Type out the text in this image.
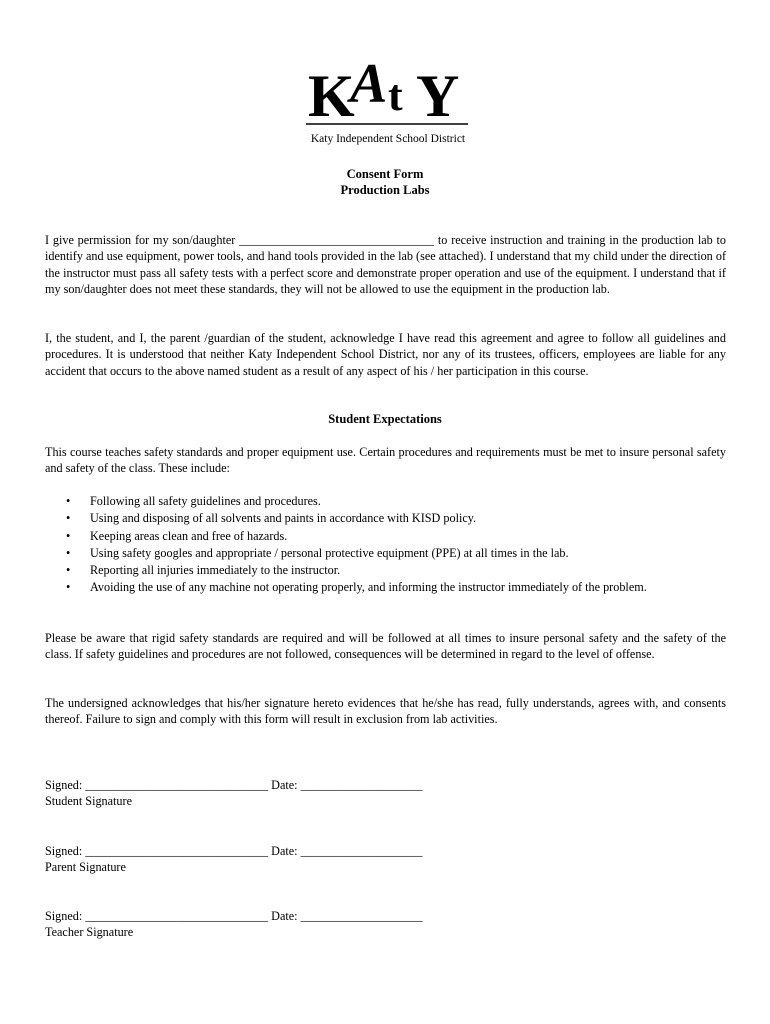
K
A t Y
Katy Independent School District
Consent Form
Production Labs
I give permission for my son/daughter ________________________________ to receive instruction and training in the production lab to identify and use equipment, power tools, and hand tools provided in the lab (see attached). I understand that my child under the direction of the instructor must pass all safety tests with a perfect score and demonstrate proper operation and use of the equipment. I understand that if my son/daughter does not meet these standards, they will not be allowed to use the equipment in the production lab.
I, the student, and I, the parent /guardian of the student, acknowledge I have read this agreement and agree to follow all guidelines and procedures. It is understood that neither Katy Independent School District, nor any of its trustees, officers, employees are liable for any accident that occurs to the above named student as a result of any aspect of his / her participation in this course.
Student Expectations
This course teaches safety standards and proper equipment use. Certain procedures and requirements must be met to insure personal safety and safety of the class. These include:
• Following all safety guidelines and procedures.
• Using and disposing of all solvents and paints in accordance with KISD policy.
• Keeping areas clean and free of hazards.
• Using safety googles and appropriate / personal protective equipment (PPE) at all times in the lab.
• Reporting all injuries immediately to the instructor.
• Avoiding the use of any machine not operating properly, and informing the instructor immediately of the problem.
Please be aware that rigid safety standards are required and will be followed at all times to insure personal safety and the safety of the class. If safety guidelines and procedures are not followed, consequences will be determined in regard to the level of offense.
The undersigned acknowledges that his/her signature hereto evidences that he/she has read, fully understands, agrees with, and consents thereof. Failure to sign and comply with this form will result in exclusion from lab activities.
Signed: ______________________________ Date: ____________________
Student Signature
Signed: ______________________________ Date: ____________________
Parent Signature
Signed: ______________________________ Date: ____________________
Teacher Signature
